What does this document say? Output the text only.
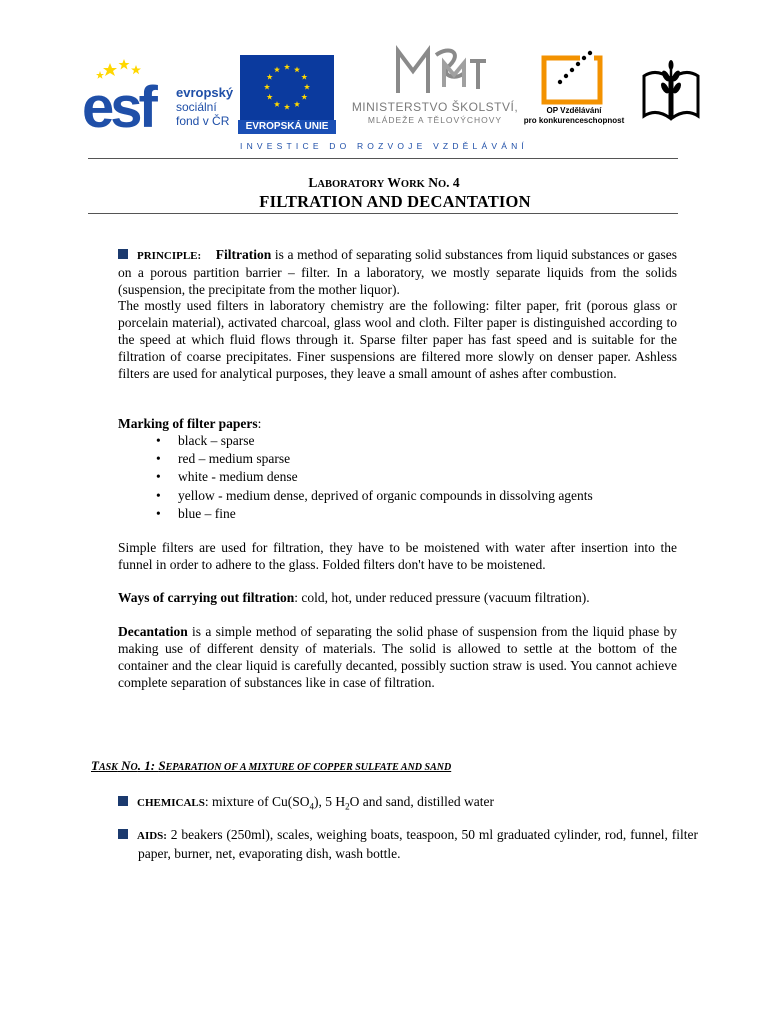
esf	evropský
sociální
fond v ČR	EVROPSKÁ UNIE
MINISTERSTVO ŠKOLSTVÍ,
MLÁDEŽE A TĚLOVÝCHOVY
OP Vzdělávání
pro konkurenceschopnost
INVESTICE DO ROZVOJE VZDĚLÁVÁNÍ
LABORATORY WORK NO. 4
FILTRATION AND DECANTATION
PRINCIPLE: Filtration is a method of separating solid substances from liquid substances or gases on a porous partition barrier – filter. In a laboratory, we mostly separate liquids from the solids (suspension, the precipitate from the mother liquor).
The mostly used filters in laboratory chemistry are the following: filter paper, frit (porous glass or porcelain material), activated charcoal, glass wool and cloth. Filter paper is distinguished according to the speed at which fluid flows through it. Sparse filter paper has fast speed and is suitable for the filtration of coarse precipitates. Finer suspensions are filtered more slowly on denser paper. Ashless filters are used for analytical purposes, they leave a small amount of ashes after combustion.
Marking of filter papers:
• black – sparse
• red – medium sparse
• white - medium dense
• yellow - medium dense, deprived of organic compounds in dissolving agents
• blue – fine
Simple filters are used for filtration, they have to be moistened with water after insertion into the funnel in order to adhere to the glass. Folded filters don't have to be moistened.
Ways of carrying out filtration: cold, hot, under reduced pressure (vacuum filtration).
Decantation is a simple method of separating the solid phase of suspension from the liquid phase by making use of different density of materials. The solid is allowed to settle at the bottom of the container and the clear liquid is carefully decanted, possibly suction straw is used. You cannot achieve complete separation of substances like in case of filtration.
TASK NO. 1: SEPARATION OF A MIXTURE OF COPPER SULFATE AND SAND
CHEMICALS: mixture of $Cu(SO_4)$, 5 $H_2O$ and sand, distilled water
AIDS: 2 beakers (250ml), scales, weighing boats, teaspoon, 50 ml graduated cylinder, rod, funnel, filter paper, burner, net, evaporating dish, wash bottle.
